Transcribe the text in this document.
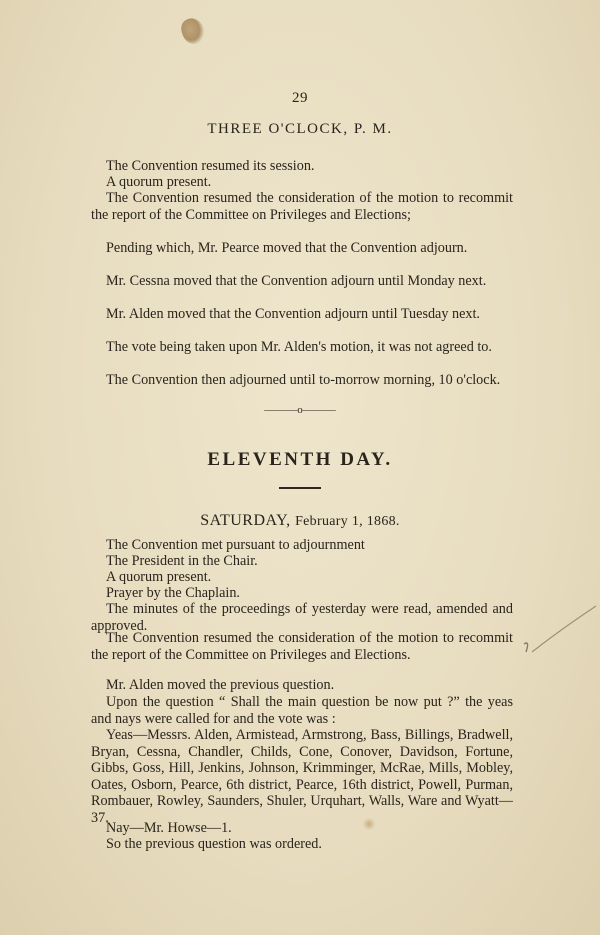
29
THREE O'CLOCK, P. M.

The Convention resumed its session.

A quorum present.

The Convention resumed the consideration of the motion to recommit the report of the Committee on Privileges and Elections;

Pending which, Mr. Pearce moved that the Convention adjourn.

Mr. Cessna moved that the Convention adjourn until Monday next.

Mr. Alden moved that the Convention adjourn until Tuesday next.

The vote being taken upon Mr. Alden's motion, it was not agreed to.

The Convention then adjourned until to-morrow morning, 10 o'clock.

———o———
ELEVENTH DAY.
SATURDAY, February 1, 1868.

The Convention met pursuant to adjournment

The President in the Chair.

A quorum present.

Prayer by the Chaplain.

The minutes of the proceedings of yesterday were read, amended and approved.

The Convention resumed the consideration of the motion to recommit the report of the Committee on Privileges and Elections.

Mr. Alden moved the previous question.

Upon the question “ Shall the main question be now put ?” the yeas and nays were called for and the vote was :

Yeas—Messrs. Alden, Armistead, Armstrong, Bass, Billings, Bradwell, Bryan, Cessna, Chandler, Childs, Cone, Conover, Davidson, Fortune, Gibbs, Goss, Hill, Jenkins, Johnson, Krimminger, McRae, Mills, Mobley, Oates, Osborn, Pearce, 6th district, Pearce, 16th district, Powell, Purman, Rombauer, Rowley, Saunders, Shuler, Urquhart, Walls, Ware and Wyatt—37.

Nay—Mr. Howse—1.

So the previous question was ordered.
